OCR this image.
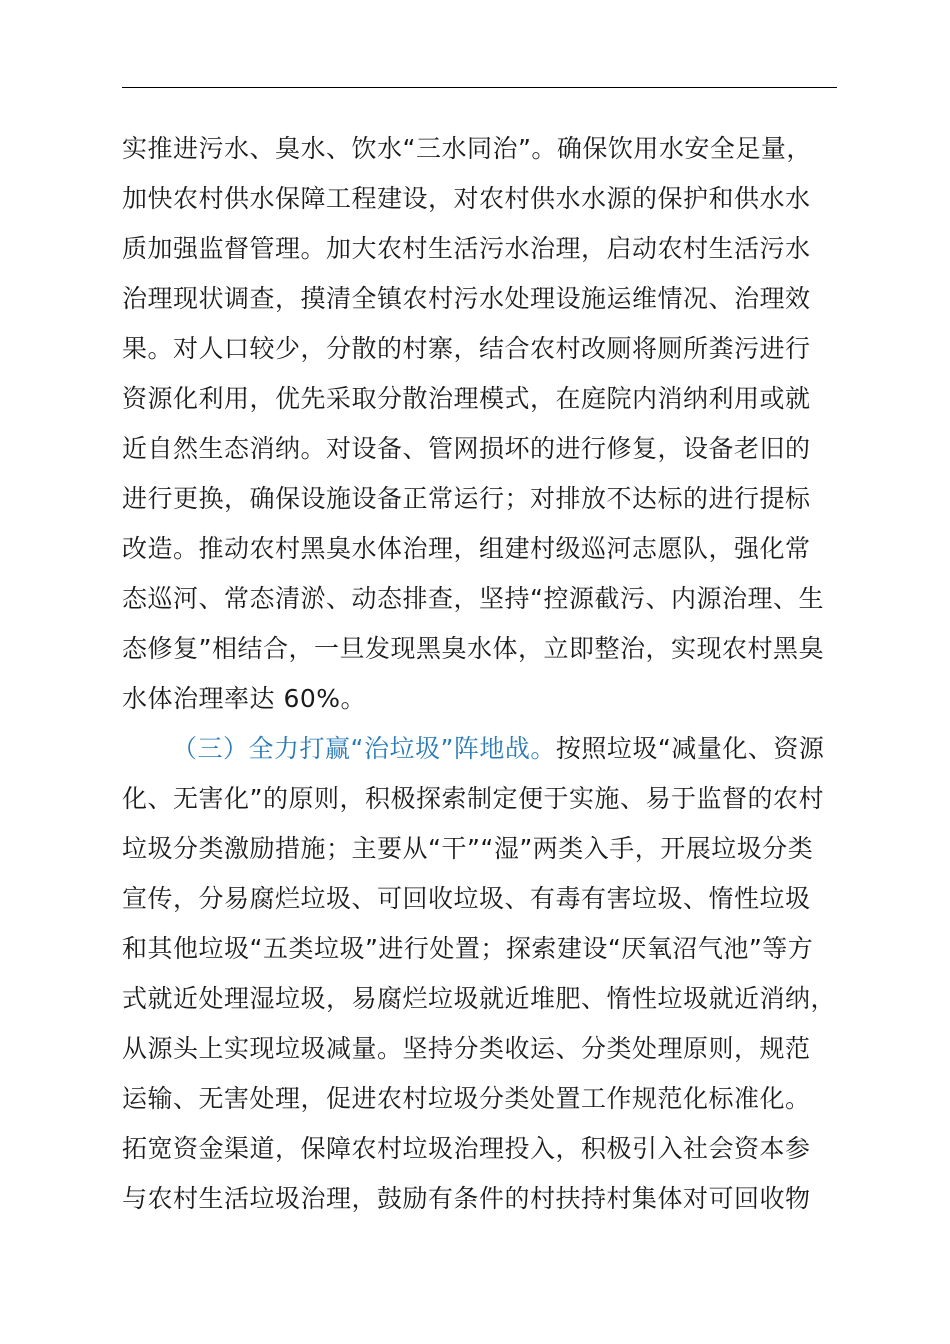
实推进污水、臭水、饮水“三水同治”。确保饮用水安全足量，
加快农村供水保障工程建设，对农村供水水源的保护和供水水
质加强监督管理。加大农村生活污水治理，启动农村生活污水
治理现状调查，摸清全镇农村污水处理设施运维情况、治理效
果。对人口较少，分散的村寨，结合农村改厕将厕所粪污进行
资源化利用，优先采取分散治理模式，在庭院内消纳利用或就
近自然生态消纳。对设备、管网损坏的进行修复，设备老旧的
进行更换，确保设施设备正常运行；对排放不达标的进行提标
改造。推动农村黑臭水体治理，组建村级巡河志愿队，强化常
态巡河、常态清淤、动态排查，坚持“控源截污、内源治理、生
态修复”相结合，一旦发现黑臭水体，立即整治，实现农村黑臭
水体治理率达 60%。
（三）全力打赢“治垃圾”阵地战。按照垃圾“减量化、资源
化、无害化”的原则，积极探索制定便于实施、易于监督的农村
垃圾分类激励措施；主要从“干”“湿”两类入手，开展垃圾分类
宣传，分易腐烂垃圾、可回收垃圾、有毒有害垃圾、惰性垃圾
和其他垃圾“五类垃圾”进行处置；探索建设“厌氧沼气池”等方
式就近处理湿垃圾，易腐烂垃圾就近堆肥、惰性垃圾就近消纳，
从源头上实现垃圾减量。坚持分类收运、分类处理原则，规范
运输、无害处理，促进农村垃圾分类处置工作规范化标准化。
拓宽资金渠道，保障农村垃圾治理投入，积极引入社会资本参
与农村生活垃圾治理，鼓励有条件的村扶持村集体对可回收物
